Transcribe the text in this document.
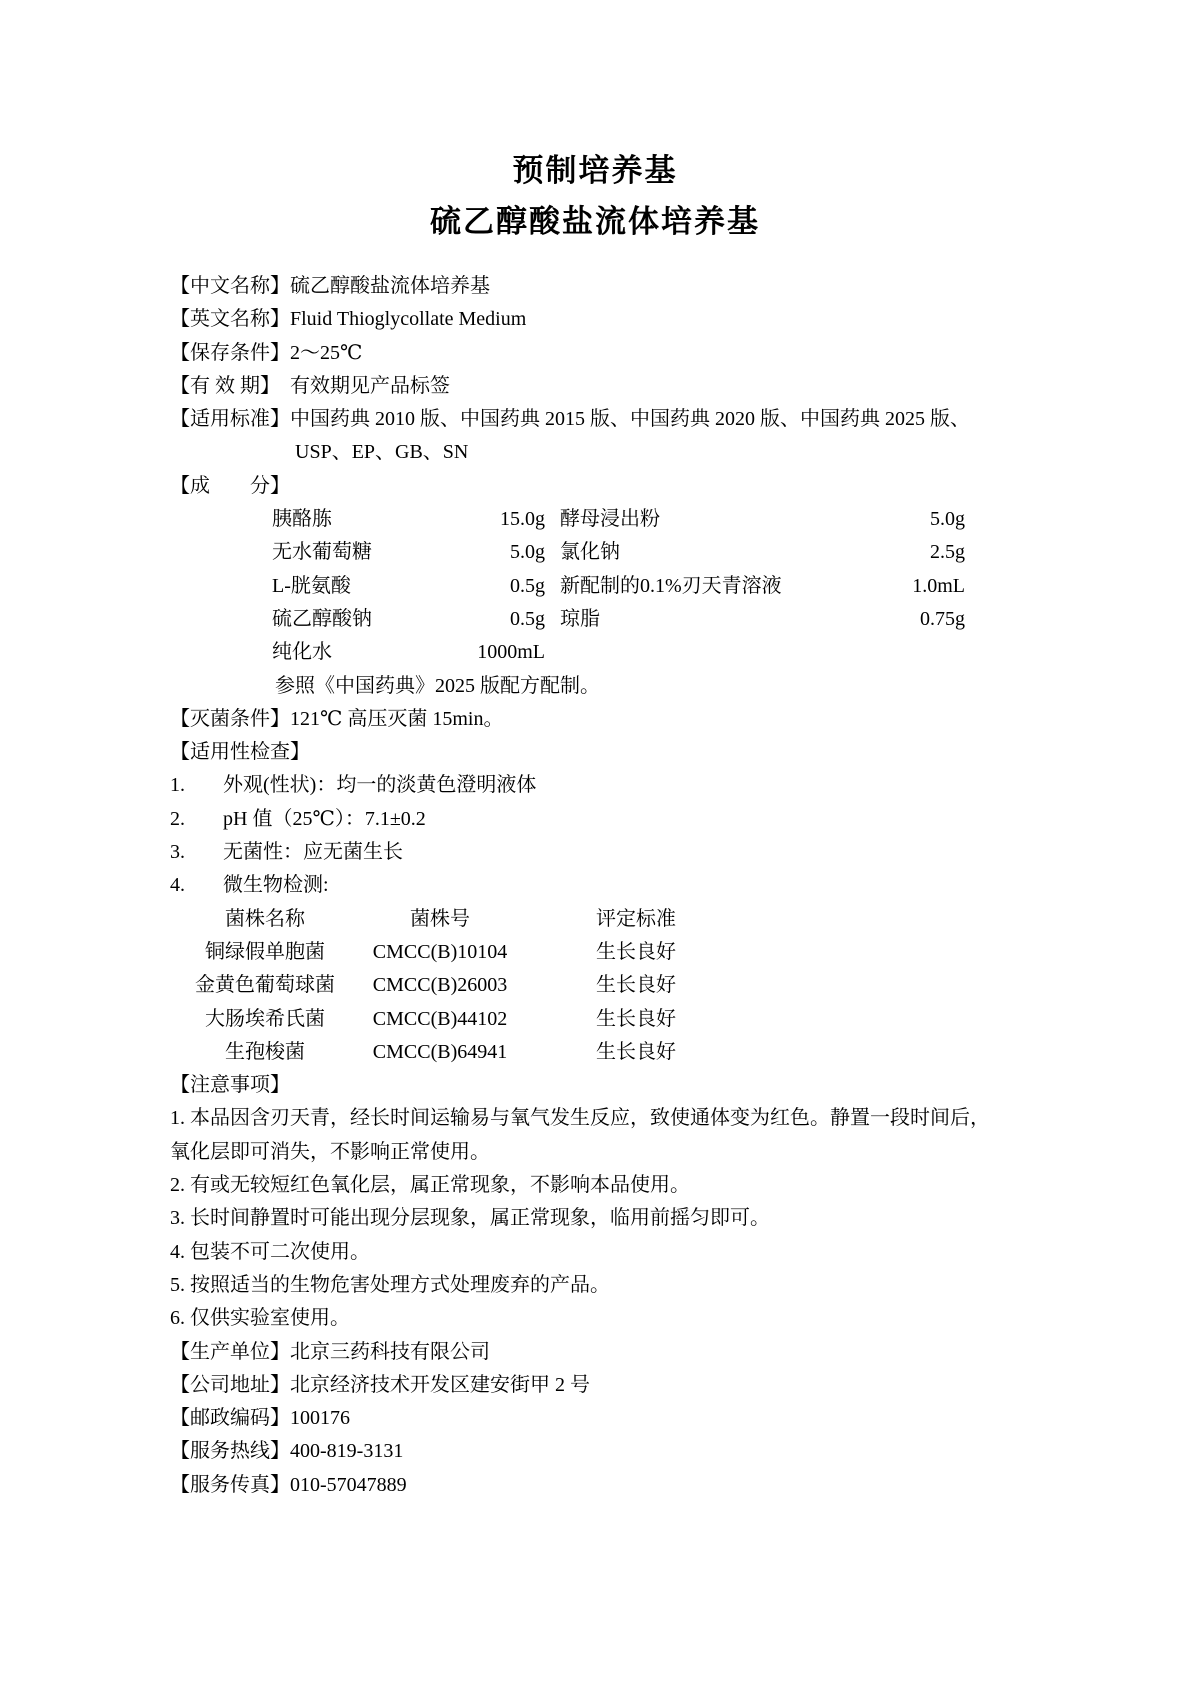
预制培养基
硫乙醇酸盐流体培养基
【中文名称】硫乙醇酸盐流体培养基
【英文名称】Fluid Thioglycollate Medium
【保存条件】2～25℃
【有 效 期】 有效期见产品标签
【适用标准】中国药典 2010 版、中国药典 2015 版、中国药典 2020 版、中国药典 2025 版、
USP、EP、GB、SN
【成　　分】
胰酪胨	15.0g 酵母浸出粉	5.0g
无水葡萄糖	5.0g 氯化钠	2.5g
L-胱氨酸	0.5g 新配制的0.1%刃天青溶液	1.0mL
硫乙醇酸钠	0.5g 琼脂	0.75g
纯化水	1000mL
参照《中国药典》2025 版配方配制。
【灭菌条件】121℃ 高压灭菌 15min。
【适用性检查】
1. 外观(性状)：均一的淡黄色澄明液体
2. pH 值（25℃）：7.1±0.2
3. 无菌性：应无菌生长
4. 微生物检测:
菌株名称	菌株号	评定标准
铜绿假单胞菌	CMCC(B)10104	生长良好
金黄色葡萄球菌	CMCC(B)26003	生长良好
大肠埃希氏菌	CMCC(B)44102	生长良好
生孢梭菌	CMCC(B)64941	生长良好
【注意事项】
1. 本品因含刃天青，经长时间运输易与氧气发生反应，致使通体变为红色。静置一段时间后，
氧化层即可消失，不影响正常使用。
2. 有或无较短红色氧化层，属正常现象，不影响本品使用。
3. 长时间静置时可能出现分层现象，属正常现象，临用前摇匀即可。
4. 包装不可二次使用。
5. 按照适当的生物危害处理方式处理废弃的产品。
6. 仅供实验室使用。
【生产单位】北京三药科技有限公司
【公司地址】北京经济技术开发区建安街甲 2 号
【邮政编码】100176
【服务热线】400-819-3131
【服务传真】010-57047889
